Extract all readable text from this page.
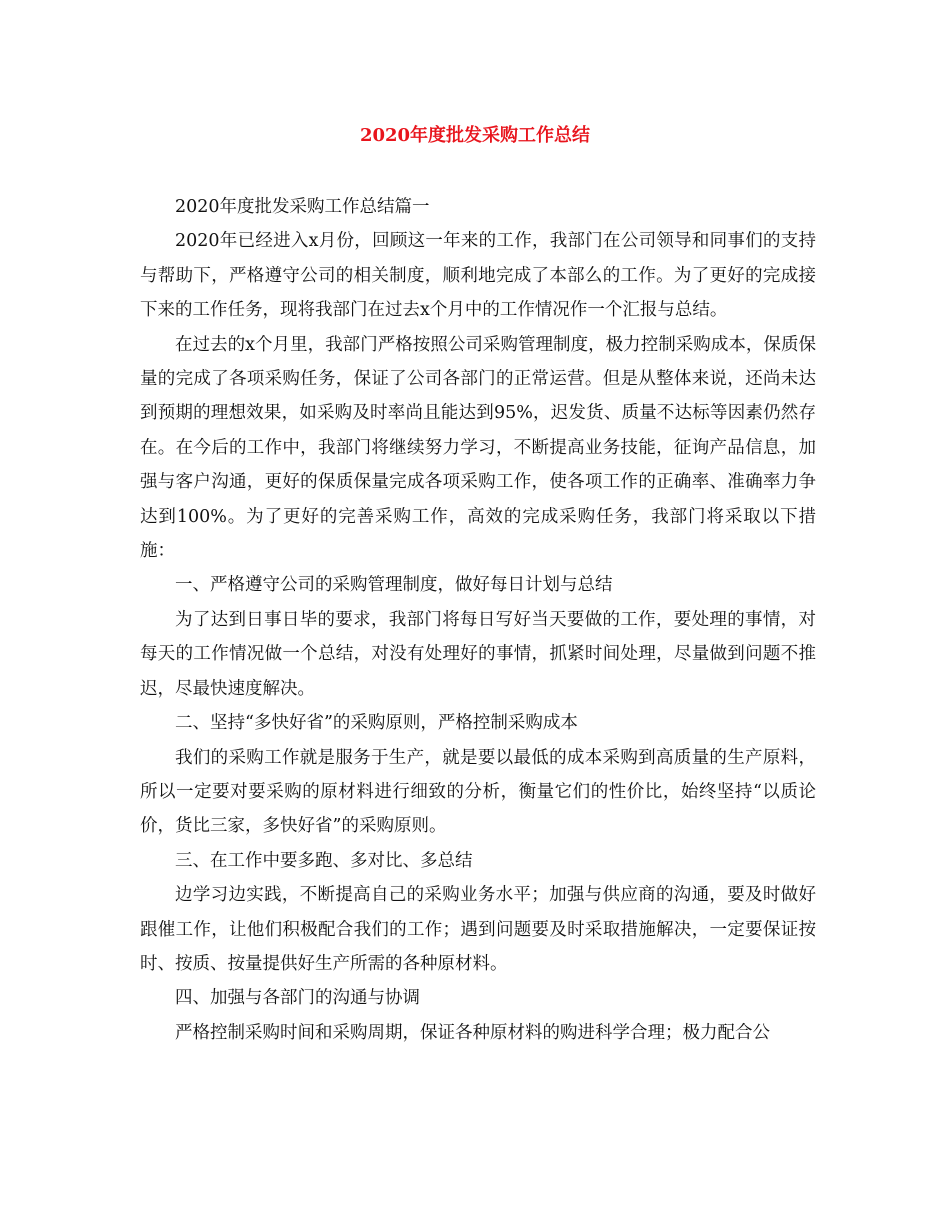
2020年度批发采购工作总结

2020年度批发采购工作总结篇一

2020年已经进入x月份，回顾这一年来的工作，我部门在公司领导和同事们的支持与帮助下，严格遵守公司的相关制度，顺利地完成了本部么的工作。为了更好的完成接下来的工作任务，现将我部门在过去x个月中的工作情况作一个汇报与总结。

在过去的x个月里，我部门严格按照公司采购管理制度，极力控制采购成本，保质保量的完成了各项采购任务，保证了公司各部门的正常运营。但是从整体来说，还尚未达到预期的理想效果，如采购及时率尚且能达到95%，迟发货、质量不达标等因素仍然存在。在今后的工作中，我部门将继续努力学习，不断提高业务技能，征询产品信息，加强与客户沟通，更好的保质保量完成各项采购工作，使各项工作的正确率、准确率力争达到100%。为了更好的完善采购工作，高效的完成采购任务，我部门将采取以下措施：

一、严格遵守公司的采购管理制度，做好每日计划与总结

为了达到日事日毕的要求，我部门将每日写好当天要做的工作，要处理的事情，对每天的工作情况做一个总结，对没有处理好的事情，抓紧时间处理，尽量做到问题不推迟，尽最快速度解决。

二、坚持“多快好省”的采购原则，严格控制采购成本

我们的采购工作就是服务于生产，就是要以最低的成本采购到高质量的生产原料，所以一定要对要采购的原材料进行细致的分析，衡量它们的性价比，始终坚持“以质论价，货比三家，多快好省”的采购原则。

三、在工作中要多跑、多对比、多总结

边学习边实践，不断提高自己的采购业务水平；加强与供应商的沟通，要及时做好跟催工作，让他们积极配合我们的工作；遇到问题要及时采取措施解决，一定要保证按时、按质、按量提供好生产所需的各种原材料。

四、加强与各部门的沟通与协调

严格控制采购时间和采购周期，保证各种原材料的购进科学合理；极力配合公
